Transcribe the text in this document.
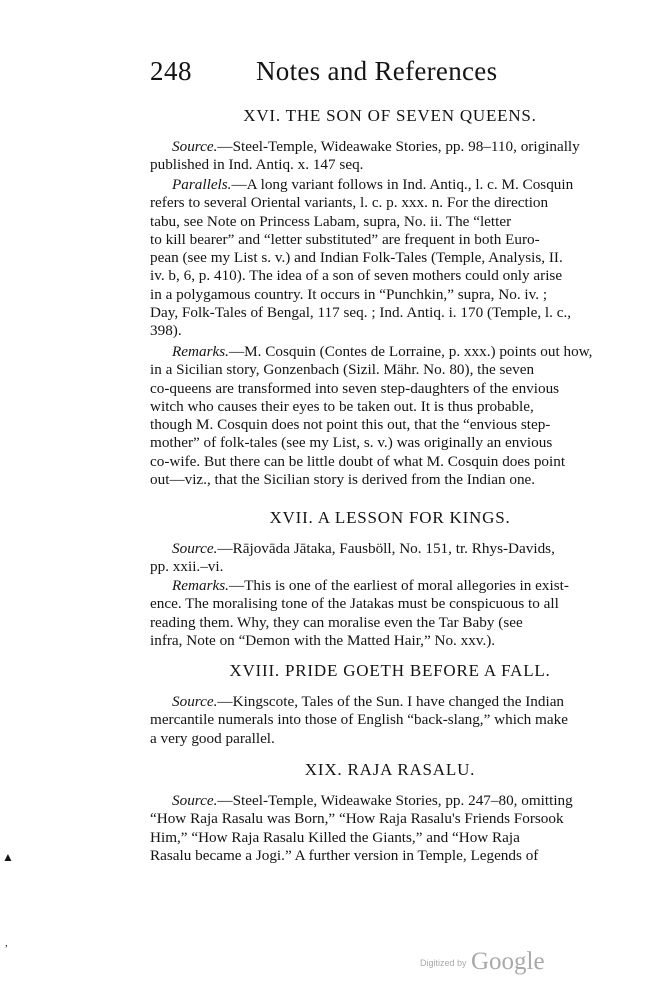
248 Notes and References
XVI. THE SON OF SEVEN QUEENS.

Source.—Steel-Temple, Wideawake Stories, pp. 98–110, originally
published in Ind. Antiq. x. 147 seq.

Parallels.—A long variant follows in Ind. Antiq., l. c. M. Cosquin
refers to several Oriental variants, l. c. p. xxx. n. For the direction
tabu, see Note on Princess Labam, supra, No. ii. The “letter
to kill bearer” and “letter substituted” are frequent in both Euro-
pean (see my List s. v.) and Indian Folk-Tales (Temple, Analysis, II.
iv. b, 6, p. 410). The idea of a son of seven mothers could only arise
in a polygamous country. It occurs in “Punchkin,” supra, No. iv. ;
Day, Folk-Tales of Bengal, 117 seq. ; Ind. Antiq. i. 170 (Temple, l. c.,
398).

Remarks.—M. Cosquin (Contes de Lorraine, p. xxx.) points out how,
in a Sicilian story, Gonzenbach (Sizil. Mähr. No. 80), the seven
co-queens are transformed into seven step-daughters of the envious
witch who causes their eyes to be taken out. It is thus probable,
though M. Cosquin does not point this out, that the “envious step-
mother” of folk-tales (see my List, s. v.) was originally an envious
co-wife. But there can be little doubt of what M. Cosquin does point
out—viz., that the Sicilian story is derived from the Indian one.

XVII. A LESSON FOR KINGS.

Source.—Rājovāda Jātaka, Fausböll, No. 151, tr. Rhys-Davids,
pp. xxii.–vi.

Remarks.—This is one of the earliest of moral allegories in exist-
ence. The moralising tone of the Jatakas must be conspicuous to all
reading them. Why, they can moralise even the Tar Baby (see
infra, Note on “Demon with the Matted Hair,” No. xxv.).

XVIII. PRIDE GOETH BEFORE A FALL.

Source.—Kingscote, Tales of the Sun. I have changed the Indian
mercantile numerals into those of English “back-slang,” which make
a very good parallel.

XIX. RAJA RASALU.

Source.—Steel-Temple, Wideawake Stories, pp. 247–80, omitting
“How Raja Rasalu was Born,” “How Raja Rasalu's Friends Forsook
Him,” “How Raja Rasalu Killed the Giants,” and “How Raja
Rasalu became a Jogi.” A further version in Temple, Legends of

▲
,
Digitized by Google
